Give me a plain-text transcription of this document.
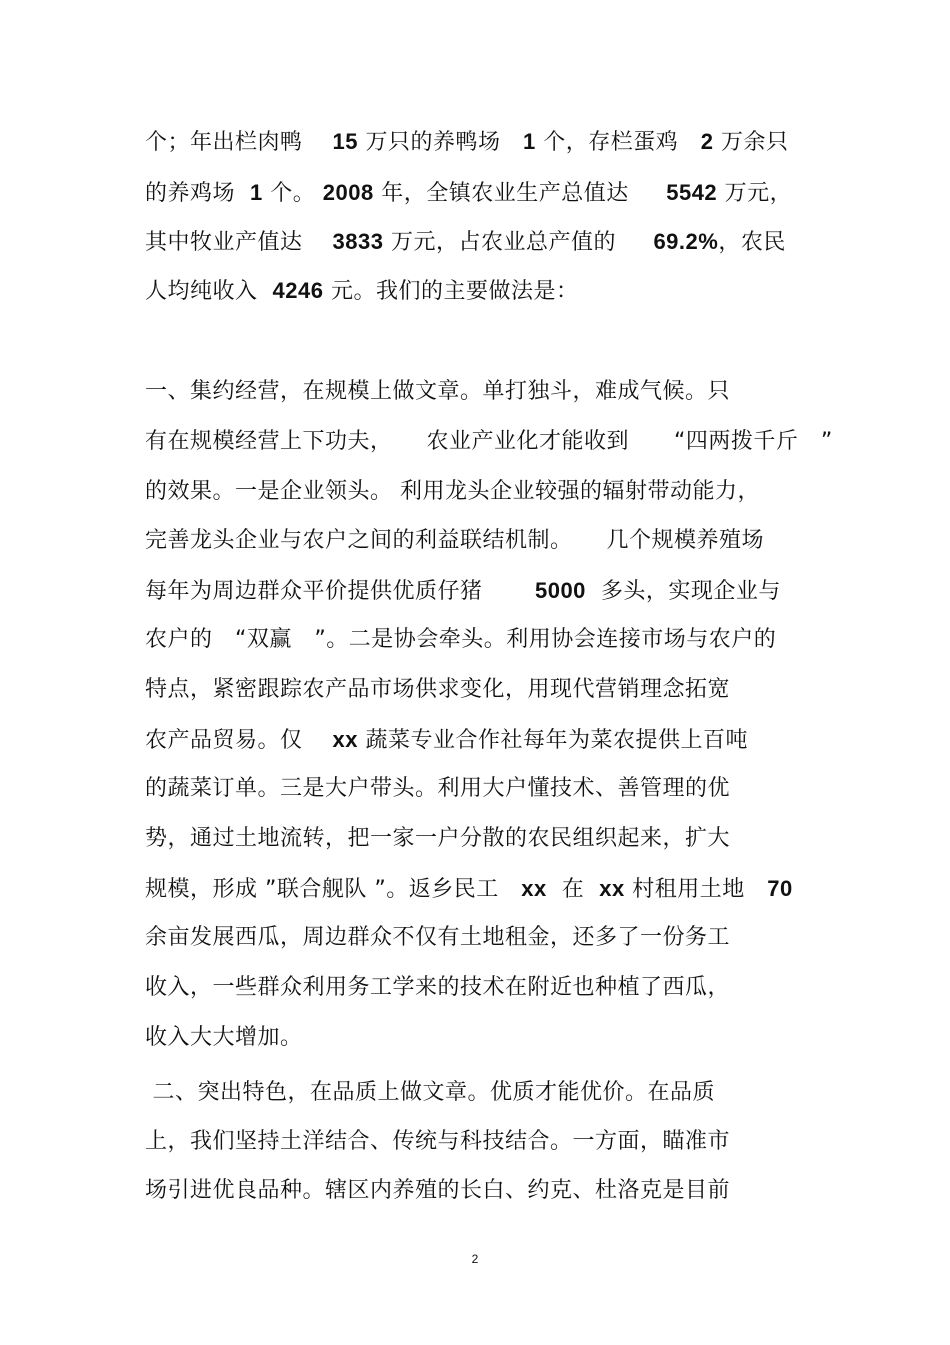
个；年出栏肉鸭 15 万只的养鸭场 1 个，存栏蛋鸡 2 万余只
的养鸡场 1 个。 2008 年，全镇农业生产总值达 5542 万元，
其中牧业产值达 3833 万元，占农业总产值的 69.2%，农民
人均纯收入 4246 元。我们的主要做法是：

一、集约经营，在规模上做文章。单打独斗，难成气候。只
有在规模经营上下功夫，　　农业产业化才能收到　　“四两拨千斤　”
的效果。一是企业领头。 利用龙头企业较强的辐射带动能力，
完善龙头企业与农户之间的利益联结机制。　　几个规模养殖场
每年为周边群众平价提供优质仔猪 5000 多头，实现企业与
农户的　“双赢　”。二是协会牵头。利用协会连接市场与农户的
特点，紧密跟踪农产品市场供求变化，用现代营销理念拓宽
农产品贸易。仅 xx 蔬菜专业合作社每年为菜农提供上百吨
的蔬菜订单。三是大户带头。利用大户懂技术、善管理的优
势，通过土地流转，把一家一户分散的农民组织起来，扩大
规模，形成 ”联合舰队 ”。返乡民工 xx 在 xx 村租用土地 70
余亩发展西瓜，周边群众不仅有土地租金，还多了一份务工
收入，一些群众利用务工学来的技术在附近也种植了西瓜，
收入大大增加。
二、突出特色，在品质上做文章。优质才能优价。在品质
上，我们坚持土洋结合、传统与科技结合。一方面，瞄准市
场引进优良品种。辖区内养殖的长白、约克、杜洛克是目前
2
